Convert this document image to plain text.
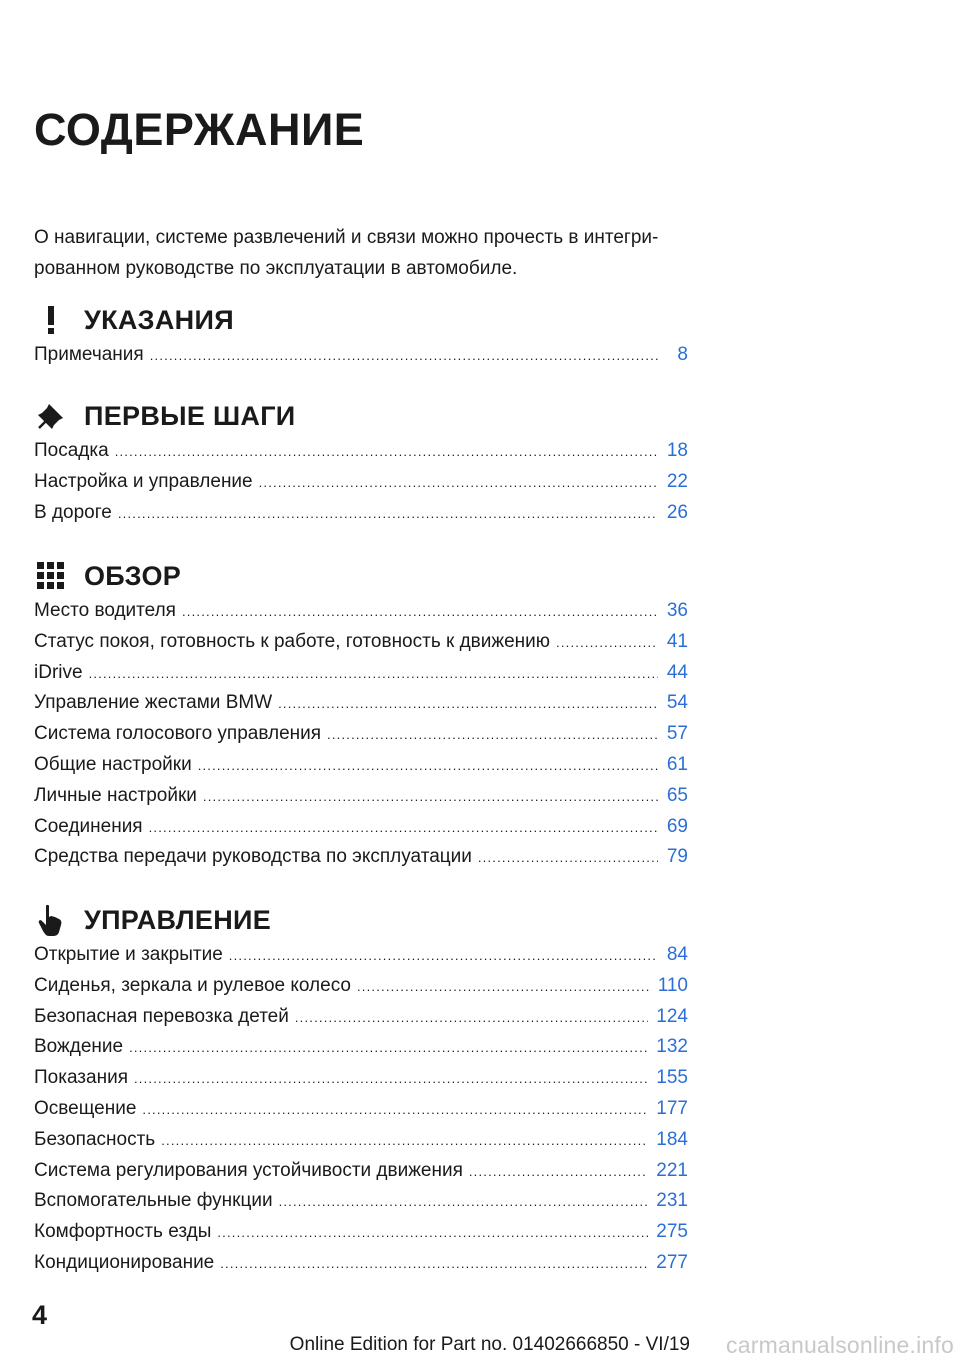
СОДЕРЖАНИЕ
О навигации, системе развлечений и связи можно прочесть в интегри-рованном руководстве по эксплуатации в автомобиле.
УКАЗАНИЯ
Примечания .....	8
ПЕРВЫЕ ШАГИ
Посадка .....	18
Настройка и управление .....	22
В дороге .....	26
ОБЗОР
Место водителя .....	36
Статус покоя, готовность к работе, готовность к движению .....	41
iDrive .....	44
Управление жестами BMW .....	54
Система голосового управления .....	57
Общие настройки .....	61
Личные настройки .....	65
Соединения .....	69
Средства передачи руководства по эксплуатации .....	79
УПРАВЛЕНИЕ
Открытие и закрытие .....	84
Сиденья, зеркала и рулевое колесо .....	110
Безопасная перевозка детей .....	124
Вождение .....	132
Показания .....	155
Освещение .....	177
Безопасность .....	184
Система регулирования устойчивости движения .....	221
Вспомогательные функции .....	231
Комфортность езды .....	275
Кондиционирование .....	277
4
Online Edition for Part no. 01402666850 - VI/19 carmanualsonline.info
